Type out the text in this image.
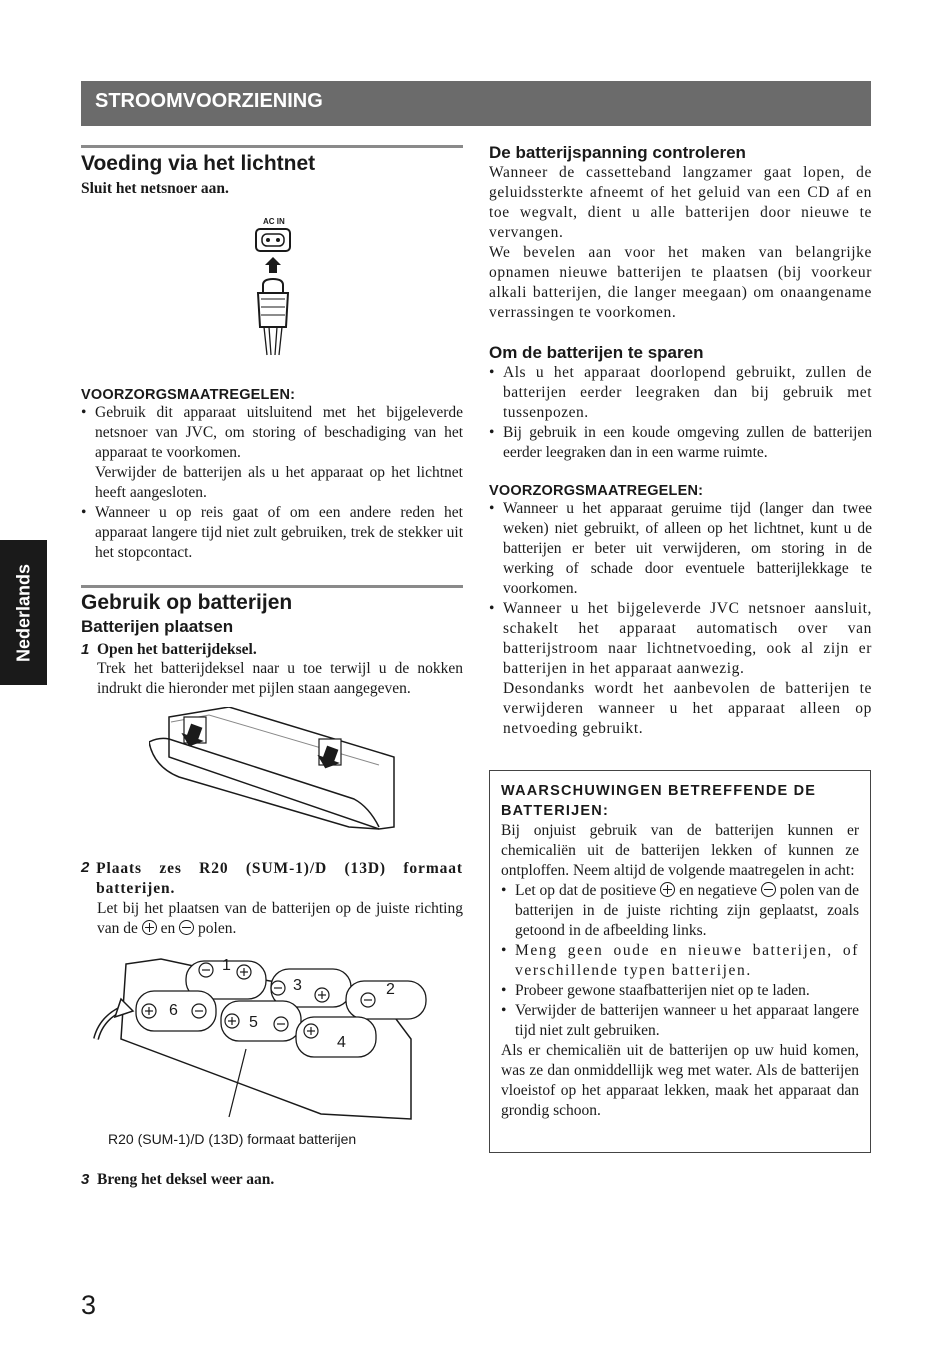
STROOMVOORZIENING
Nederlands
Voeding via het lichtnet

Sluit het netsnoer aan.

AC IN
VOORZORGSMAATREGELEN:
• Gebruik dit apparaat uitsluitend met het bijgeleverde netsnoer van JVC, om storing of beschadiging van het apparaat te voorkomen.

Verwijder de batterijen als u het apparaat op het lichtnet heeft aangesloten.

• Wanneer u op reis gaat of om een andere reden het apparaat langere tijd niet zult gebruiken, trek de stekker uit het stopcontact.
Gebruik op batterijen
Batterijen plaatsen
1 Open het batterijdeksel.

Trek het batterijdeksel naar u toe terwijl u de nokken indrukt die hieronder met pijlen staan aangegeven.

2 Plaats zes R20 (SUM-1)/D (13D) formaat batterijen.

Let bij het plaatsen van de batterijen op de juiste richting van de en polen.

1
2
3
4
5
6
R20 (SUM-1)/D (13D) formaat batterijen
3 Breng het deksel weer aan.
De batterijspanning controleren

Wanneer de cassetteband langzamer gaat lopen, de geluidssterkte afneemt of het geluid van een CD af en toe wegvalt, dient u alle batterijen door nieuwe te vervangen.

We bevelen aan voor het maken van belangrijke opnamen nieuwe batterijen te plaatsen (bij voorkeur alkali batterijen, die langer meegaan) om onaangename verrassingen te voorkomen.

Om de batterijen te sparen
• Als u het apparaat doorlopend gebruikt, zullen de batterijen eerder leegraken dan bij gebruik met tussenpozen.
• Bij gebruik in een koude omgeving zullen de batterijen eerder leegraken dan in een warme ruimte.
VOORZORGSMAATREGELEN:
• Wanneer u het apparaat geruime tijd (langer dan twee weken) niet gebruikt, of alleen op het lichtnet, kunt u de batterijen er beter uit verwijderen, om storing in de werking of schade door eventuele batterijlekkage te voorkomen.
• Wanneer u het bijgeleverde JVC netsnoer aansluit, schakelt het apparaat automatisch over van batterijstroom naar lichtnetvoeding, ook al zijn er batterijen in het apparaat aanwezig.

Desondanks wordt het aanbevolen de batterijen te verwijderen wanneer u het apparaat alleen op netvoeding gebruikt.

WAARSCHUWINGEN BETREFFENDE DE BATTERIJEN:

Bij onjuist gebruik van de batterijen kunnen er chemicaliën uit de batterijen lekken of kunnen ze ontploffen. Neem altijd de volgende maatregelen in acht:

• Let op dat de positieve en negatieve polen van de batterijen in de juiste richting zijn geplaatst, zoals getoond in de afbeelding links.
• Meng geen oude en nieuwe batterijen, of verschillende typen batterijen.
• Probeer gewone staafbatterijen niet op te laden.
• Verwijder de batterijen wanneer u het apparaat langere tijd niet zult gebruiken.

Als er chemicaliën uit de batterijen op uw huid komen, was ze dan onmiddellijk weg met water. Als de batterijen vloeistof op het apparaat lekken, maak het apparaat dan grondig schoon.

3
